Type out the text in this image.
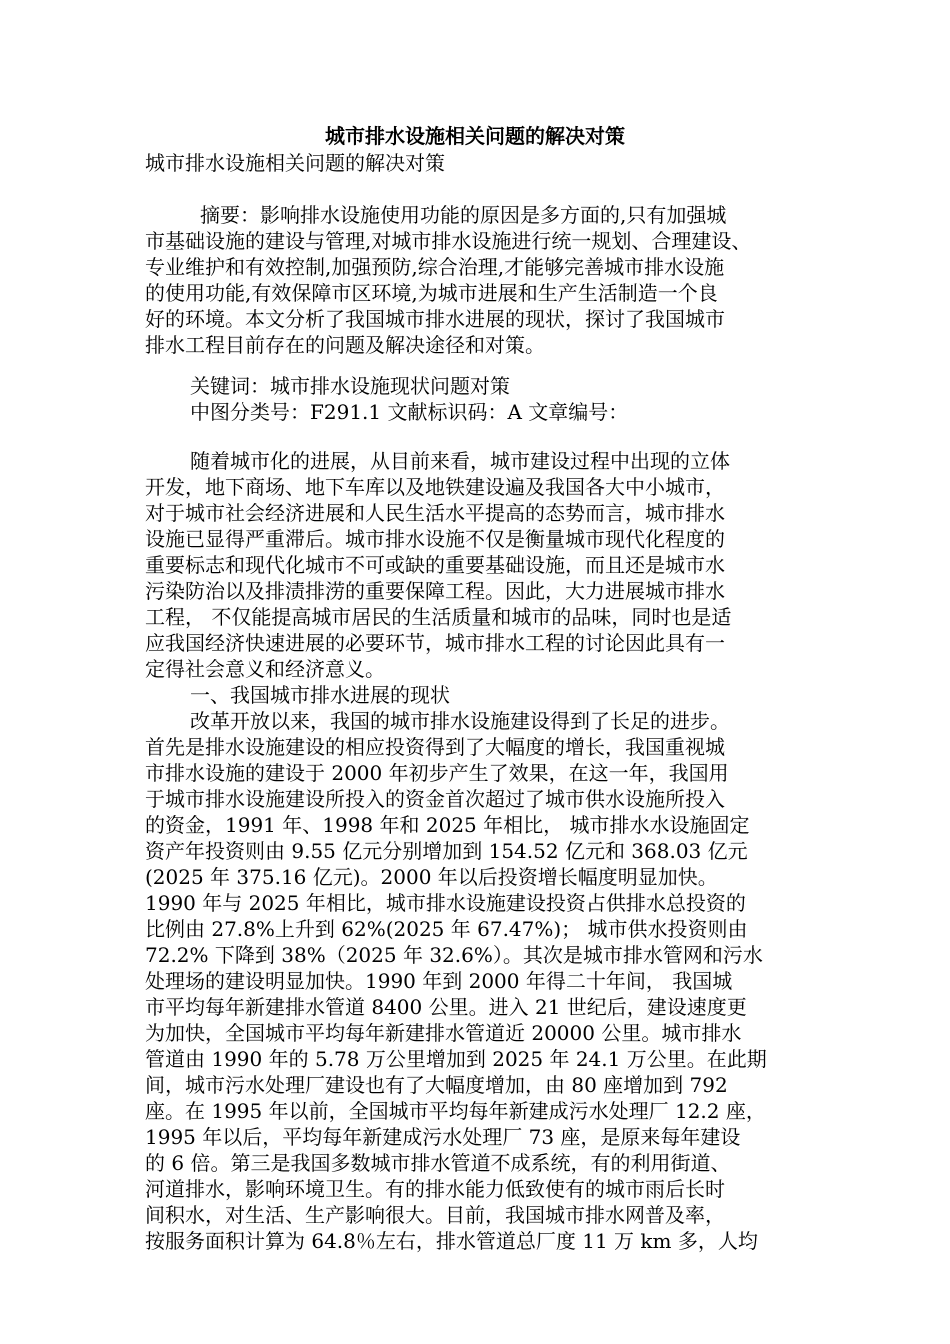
城市排水设施相关问题的解决对策

城市排水设施相关问题的解决对策

摘要：影响排水设施使用功能的原因是多方面的,只有加强城
市基础设施的建设与管理,对城市排水设施进行统一规划、合理建设、
专业维护和有效控制,加强预防,综合治理,才能够完善城市排水设施
的使用功能,有效保障市区环境,为城市进展和生产生活制造一个良
好的环境。本文分析了我国城市排水进展的现状，探讨了我国城市
排水工程目前存在的问题及解决途径和对策。
关键词：城市排水设施现状问题对策
中图分类号：F291.1 文献标识码：A 文章编号：
随着城市化的进展，从目前来看，城市建设过程中出现的立体
开发，地下商场、地下车库以及地铁建设遍及我国各大中小城市，
对于城市社会经济进展和人民生活水平提高的态势而言，城市排水
设施已显得严重滞后。城市排水设施不仅是衡量城市现代化程度的
重要标志和现代化城市不可或缺的重要基础设施，而且还是城市水
污染防治以及排渍排涝的重要保障工程。因此，大力进展城市排水
工程， 不仅能提高城市居民的生活质量和城市的品味，同时也是适
应我国经济快速进展的必要环节，城市排水工程的讨论因此具有一
定得社会意义和经济意义。
一、我国城市排水进展的现状
改革开放以来，我国的城市排水设施建设得到了长足的进步。
首先是排水设施建设的相应投资得到了大幅度的增长，我国重视城
市排水设施的建设于 2000 年初步产生了效果，在这一年，我国用
于城市排水设施建设所投入的资金首次超过了城市供水设施所投入
的资金，1991 年、1998 年和 2025 年相比， 城市排水水设施固定
资产年投资则由 9.55 亿元分别增加到 154.52 亿元和 368.03 亿元
(2025 年 375.16 亿元)。2000 年以后投资增长幅度明显加快。
1990 年与 2025 年相比，城市排水设施建设投资占供排水总投资的
比例由 27.8%上升到 62%(2025 年 67.47%)； 城市供水投资则由
72.2% 下降到 38%（2025 年 32.6%）。其次是城市排水管网和污水
处理场的建设明显加快。1990 年到 2000 年得二十年间， 我国城
市平均每年新建排水管道 8400 公里。进入 21 世纪后，建设速度更
为加快，全国城市平均每年新建排水管道近 20000 公里。城市排水
管道由 1990 年的 5.78 万公里增加到 2025 年 24.1 万公里。在此期
间，城市污水处理厂建设也有了大幅度增加，由 80 座增加到 792
座。在 1995 年以前，全国城市平均每年新建成污水处理厂 12.2 座，
1995 年以后，平均每年新建成污水处理厂 73 座，是原来每年建设
的 6 倍。第三是我国多数城市排水管道不成系统，有的利用街道、
河道排水，影响环境卫生。有的排水能力低致使有的城市雨后长时
间积水，对生活、生产影响很大。目前，我国城市排水网普及率，
按服务面积计算为 64.8％左右，排水管道总厂度 11 万 km 多，人均
